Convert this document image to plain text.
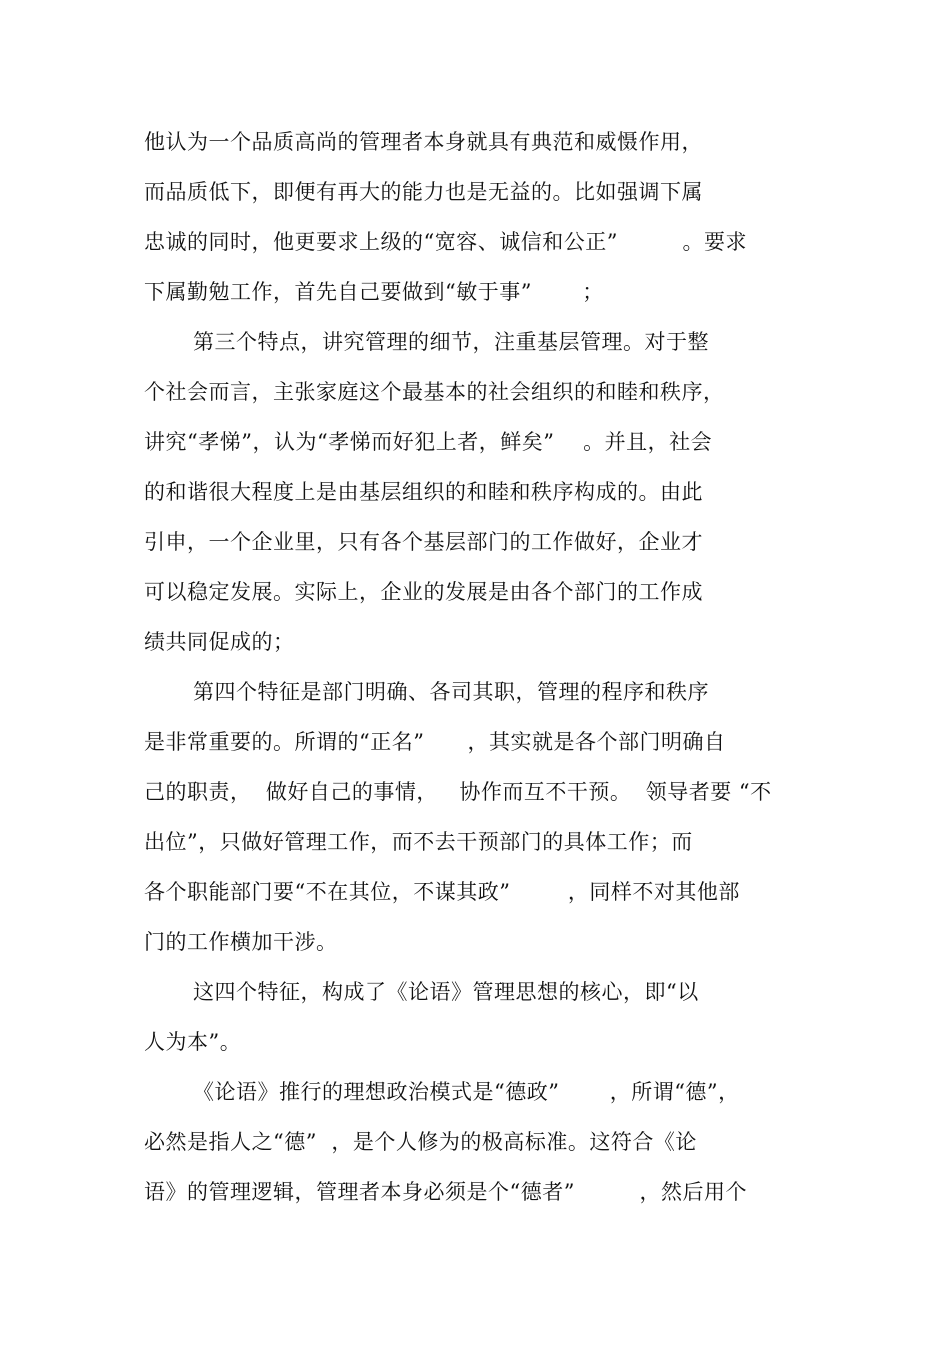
他认为一个品质高尚的管理者本身就具有典范和威慑作用，
而品质低下，即便有再大的能力也是无益的。比如强调下属
忠诚的同时，他更要求上级的“宽容、诚信和公正”         。要求
下属勤勉工作，首先自己要做到“敏于事”       ；
第三个特点，讲究管理的细节，注重基层管理。对于整
个社会而言，主张家庭这个最基本的社会组织的和睦和秩序，
讲究“孝悌”，认为“孝悌而好犯上者，鲜矣”    。并且，社会
的和谐很大程度上是由基层组织的和睦和秩序构成的。由此
引申，一个企业里，只有各个基层部门的工作做好，企业才
可以稳定发展。实际上，企业的发展是由各个部门的工作成
绩共同促成的；
第四个特征是部门明确、各司其职，管理的程序和秩序
是非常重要的。所谓的“正名”      ，其实就是各个部门明确自
己的职责，  做好自己的事情，   协作而互不干预。  领导者要 “不
出位”，只做好管理工作，而不去干预部门的具体工作；而
各个职能部门要“不在其位，不谋其政”        ，同样不对其他部
门的工作横加干涉。
这四个特征，构成了《论语》管理思想的核心，即“以
人为本”。
《论语》推行的理想政治模式是“德政”       ，所谓“德”，
必然是指人之“德”  ，是个人修为的极高标准。这符合《论
语》的管理逻辑，管理者本身必须是个“德者”         ，然后用个
